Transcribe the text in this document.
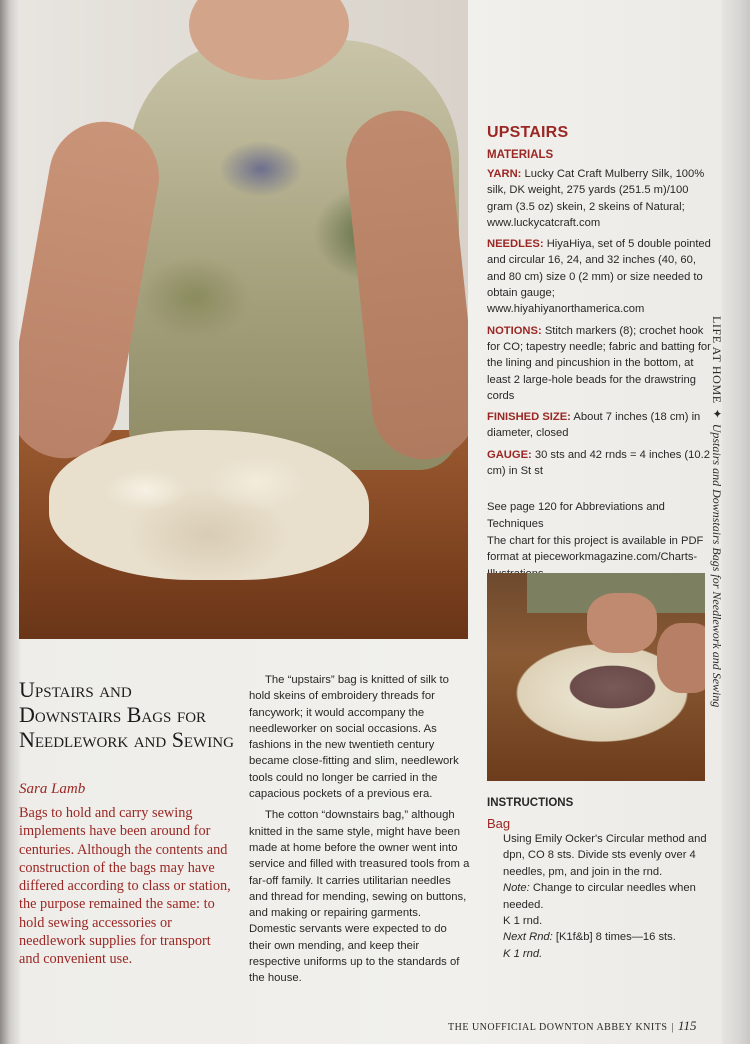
UPSTAIRS
MATERIALS

YARN: Lucky Cat Craft Mulberry Silk, 100% silk, DK weight, 275 yards (251.5 m)/100 gram (3.5 oz) skein, 2 skeins of Natural; www.luckycatcraft.com

NEEDLES: HiyaHiya, set of 5 double pointed and circular 16, 24, and 32 inches (40, 60, and 80 cm) size 0 (2 mm) or size needed to obtain gauge; www.hiyahiyanorthamerica.com

NOTIONS: Stitch markers (8); crochet hook for CO; tapestry needle; fabric and batting for the lining and pincushion in the bottom, at least 2 large-hole beads for the drawstring cords

FINISHED SIZE: About 7 inches (18 cm) in diameter, closed

GAUGE: 30 sts and 42 rnds = 4 inches (10.2 cm) in St st

See page 120 for Abbreviations and Techniques

The chart for this project is available in PDF format at pieceworkmagazine.com/Charts-

INSTRUCTIONS
Bag

Using Emily Ocker's Circular method and dpn, CO 8 sts. Divide sts evenly over 4 needles, pm, and join in the rnd.

Note: Change to circular needles when needed.

K 1 rnd.

Next Rnd: [K1f&b] 8 times—16 sts.

K 1 rnd.

Upstairs and Downstairs Bags for Needlework and Sewing
Sara Lamb
Bags to hold and carry sewing implements have been around for centuries. Although the contents and construction of the bags may have differed according to class or station, the purpose remained the same: to hold sewing accessories or needlework supplies for transport and convenient use.

The “upstairs” bag is knitted of silk to hold skeins of embroidery threads for fancywork; it would accompany the needleworker on social occasions. As fashions in the new twentieth century became close-fitting and slim, needlework tools could no longer be carried in the capacious pockets of a previous era.

The cotton “downstairs bag,” although knitted in the same style, might have been made at home before the owner went into service and filled with treasured tools from a far-off family. It carries utilitarian needles and thread for mending, sewing on buttons, and making or repairing garments. Domestic servants were expected to do their own mending, and keep their respective uniforms up to the standards of the house.

LIFE AT HOME✦Upstairs and Downstairs Bags for Needlework and Sewing
THE UNOFFICIAL DOWNTON ABBEY KNITS | 115
